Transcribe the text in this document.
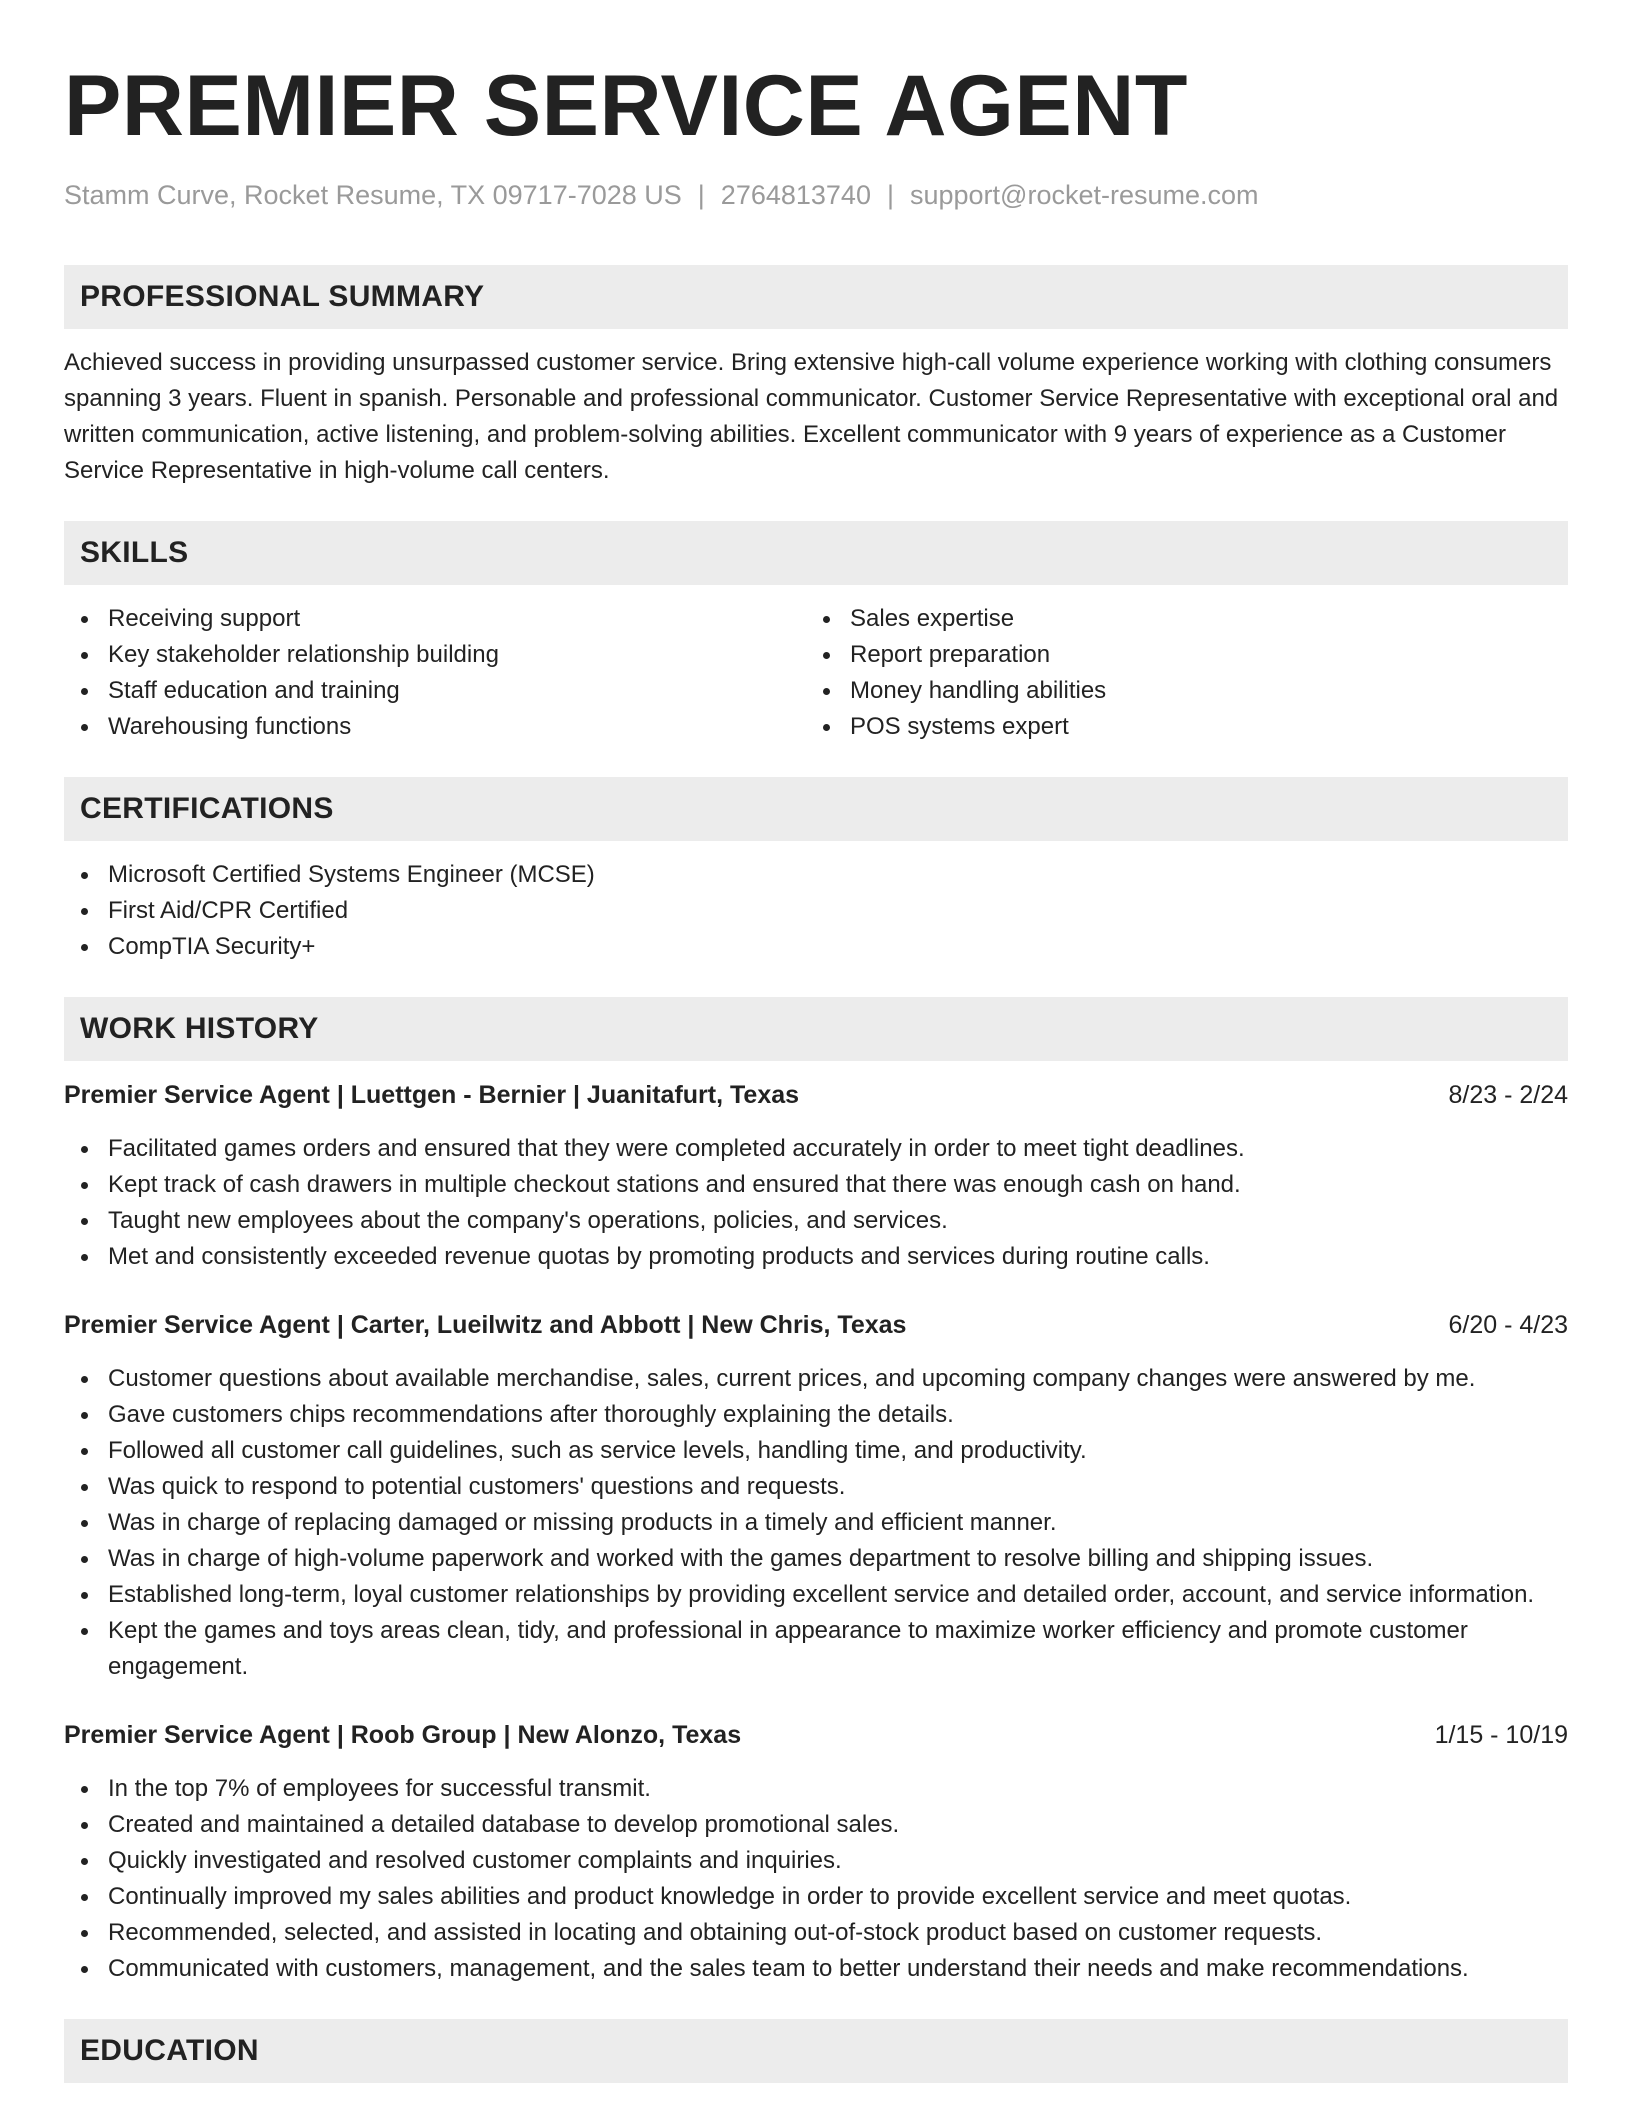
PREMIER SERVICE AGENT
Stamm Curve, Rocket Resume, TX 09717-7028 US | 2764813740 | support@rocket-resume.com
PROFESSIONAL SUMMARY

Achieved success in providing unsurpassed customer service. Bring extensive high-call volume experience working with clothing consumers spanning 3 years. Fluent in spanish. Personable and professional communicator. Customer Service Representative with exceptional oral and written communication, active listening, and problem-solving abilities. Excellent communicator with 9 years of experience as a Customer Service Representative in high-volume call centers.

SKILLS
Receiving support
Key stakeholder relationship building
Staff education and training
Warehousing functions
Sales expertise
Report preparation
Money handling abilities
POS systems expert
CERTIFICATIONS
Microsoft Certified Systems Engineer (MCSE)
First Aid/CPR Certified
CompTIA Security+
WORK HISTORY
Premier Service Agent | Luettgen - Bernier | Juanitafurt, Texas	8/23 - 2/24
Facilitated games orders and ensured that they were completed accurately in order to meet tight deadlines.
Kept track of cash drawers in multiple checkout stations and ensured that there was enough cash on hand.
Taught new employees about the company's operations, policies, and services.
Met and consistently exceeded revenue quotas by promoting products and services during routine calls.
Premier Service Agent | Carter, Lueilwitz and Abbott | New Chris, Texas	6/20 - 4/23
Customer questions about available merchandise, sales, current prices, and upcoming company changes were answered by me.
Gave customers chips recommendations after thoroughly explaining the details.
Followed all customer call guidelines, such as service levels, handling time, and productivity.
Was quick to respond to potential customers' questions and requests.
Was in charge of replacing damaged or missing products in a timely and efficient manner.
Was in charge of high-volume paperwork and worked with the games department to resolve billing and shipping issues.
Established long-term, loyal customer relationships by providing excellent service and detailed order, account, and service information.
Kept the games and toys areas clean, tidy, and professional in appearance to maximize worker efficiency and promote customer engagement.
Premier Service Agent | Roob Group | New Alonzo, Texas	1/15 - 10/19
In the top 7% of employees for successful transmit.
Created and maintained a detailed database to develop promotional sales.
Quickly investigated and resolved customer complaints and inquiries.
Continually improved my sales abilities and product knowledge in order to provide excellent service and meet quotas.
Recommended, selected, and assisted in locating and obtaining out-of-stock product based on customer requests.
Communicated with customers, management, and the sales team to better understand their needs and make recommendations.
EDUCATION
